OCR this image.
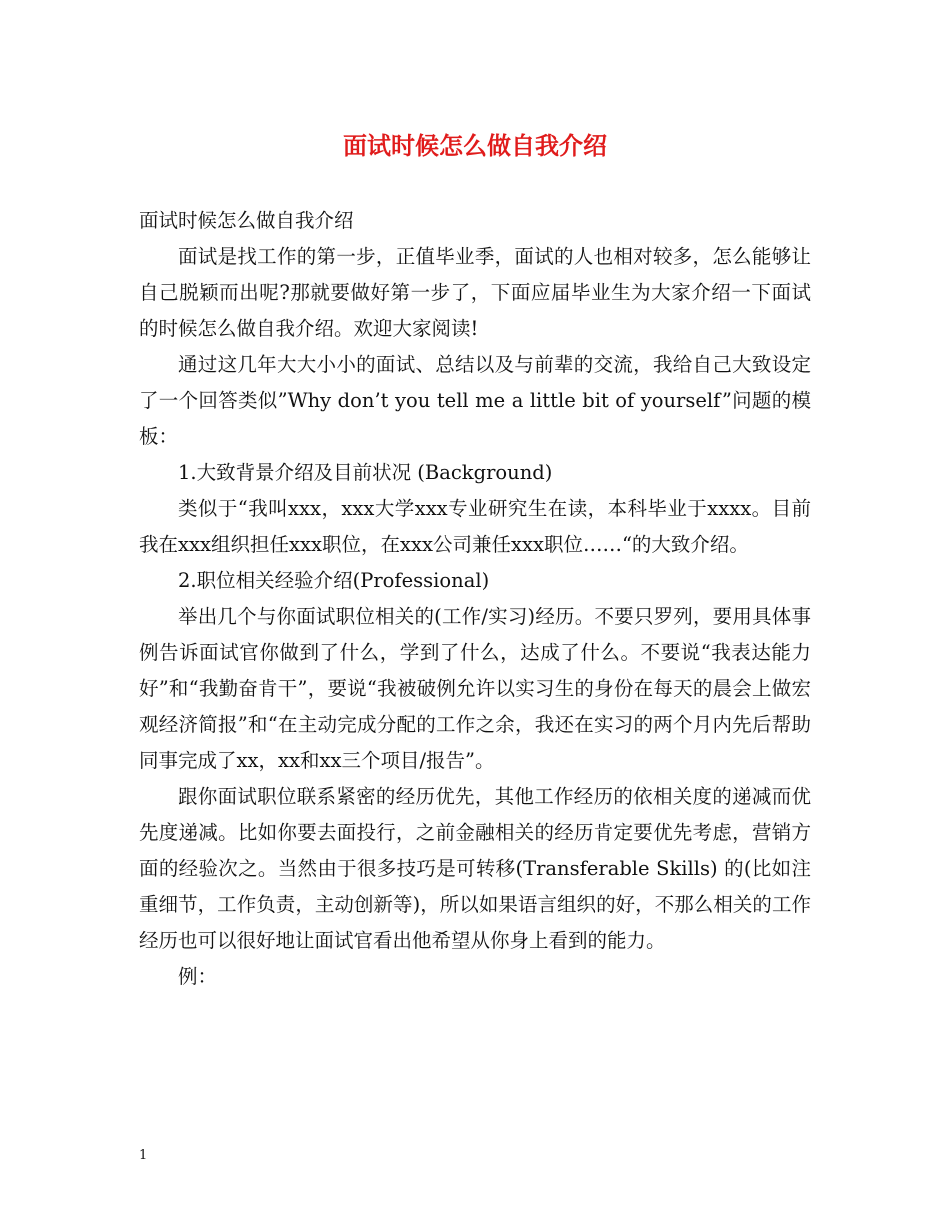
面试时候怎么做自我介绍

面试时候怎么做自我介绍

面试是找工作的第一步，正值毕业季，面试的人也相对较多，怎么能够让自己脱颖而出呢?那就要做好第一步了，下面应届毕业生为大家介绍一下面试的时候怎么做自我介绍。欢迎大家阅读!

通过这几年大大小小的面试、总结以及与前辈的交流，我给自己大致设定了一个回答类似”Why don’t you tell me a little bit of yourself”问题的模板：

1.大致背景介绍及目前状况 (Background)

类似于“我叫xxx，xxx大学xxx专业研究生在读，本科毕业于xxxx。目前我在xxx组织担任xxx职位，在xxx公司兼任xxx职位……“的大致介绍。

2.职位相关经验介绍(Professional)

举出几个与你面试职位相关的(工作/实习)经历。不要只罗列，要用具体事例告诉面试官你做到了什么，学到了什么，达成了什么。不要说“我表达能力好”和“我勤奋肯干”，要说“我被破例允许以实习生的身份在每天的晨会上做宏观经济简报”和“在主动完成分配的工作之余，我还在实习的两个月内先后帮助同事完成了xx，xx和xx三个项目/报告”。

跟你面试职位联系紧密的经历优先，其他工作经历的依相关度的递减而优先度递减。比如你要去面投行，之前金融相关的经历肯定要优先考虑，营销方面的经验次之。当然由于很多技巧是可转移(Transferable Skills) 的(比如注重细节，工作负责，主动创新等)，所以如果语言组织的好，不那么相关的工作经历也可以很好地让面试官看出他希望从你身上看到的能力。

例：

1
